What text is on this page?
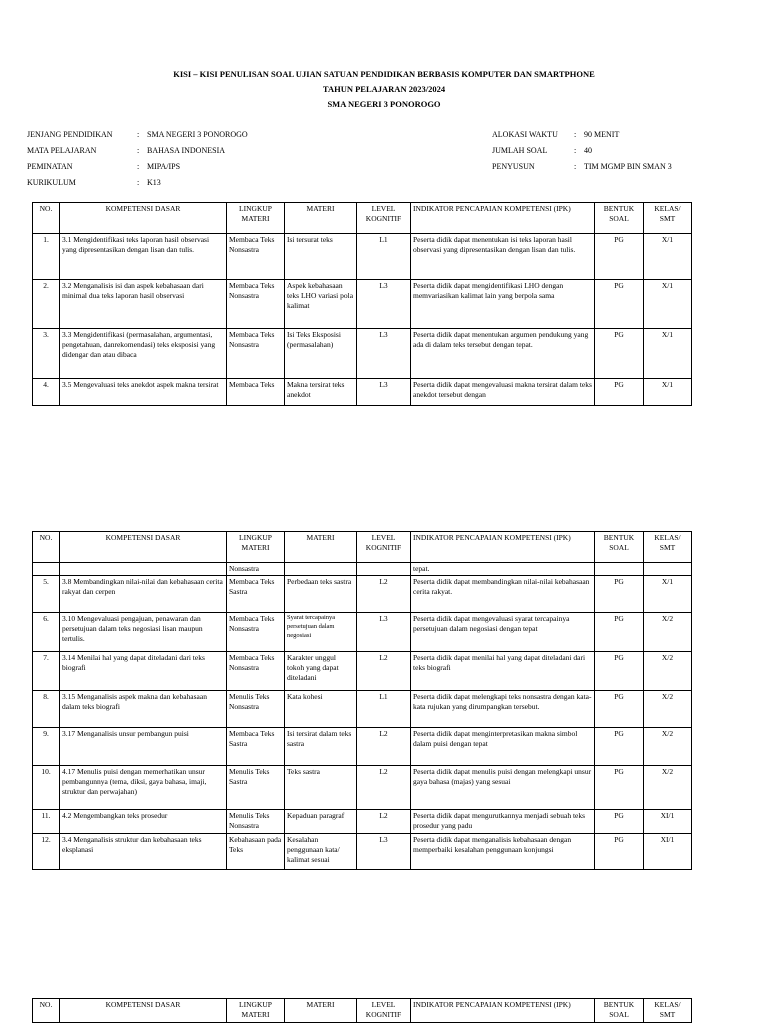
KISI – KISI PENULISAN SOAL UJIAN SATUAN PENDIDIKAN BERBASIS KOMPUTER DAN SMARTPHONE
TAHUN PELAJARAN 2023/2024
SMA NEGERI 3 PONOROGO
JENJANG PENDIDIKAN	: SMA NEGERI 3 PONOROGO
MATA PELAJARAN	: BAHASA INDONESIA
PEMINATAN	: MIPA/IPS
KURIKULUM	: K13
ALOKASI WAKTU : 90 MENIT
JUMLAH SOAL	: 40
PENYUSUN	: TIM MGMP BIN SMAN 3
NO.	KOMPETENSI DASAR	LINGKUP MATERI	MATERI	LEVEL KOGNITIF	INDIKATOR PENCAPAIAN KOMPETENSI (IPK)	BENTUK SOAL	KELAS/ SMT
1.	3.1 Mengidentifikasi teks laporan hasil observasi yang dipresentasikan dengan lisan dan tulis.	Membaca Teks Nonsastra	Isi tersurat teks	L1	Peserta didik dapat menentukan isi teks laporan hasil observasi yang dipresentasikan dengan lisan dan tulis.	PG	X/1
2.	3.2 Menganalisis isi dan aspek kebahasaan dari minimal dua teks laporan hasil observasi	Membaca Teks Nonsastra	Aspek kebahasaan teks LHO variasi pola kalimat	L3	Peserta didik dapat mengidentifikasi LHO dengan memvariasikan kalimat lain yang berpola sama	PG	X/1
3.	3.3 Mengidentifikasi (permasalahan, argumentasi, pengetahuan, danrekomendasi) teks eksposisi yang didengar dan atau dibaca	Membaca Teks Nonsastra	Isi Teks Eksposisi (permasalahan)	L3	Peserta didik dapat menentukan argumen pendukung yang ada di dalam teks tersebut dengan tepat.	PG	X/1
4.	3.5 Mengevaluasi teks anekdot aspek makna tersirat	Membaca Teks	Makna tersirat teks anekdot	L3	Peserta didik dapat mengevaluasi makna tersirat dalam teks anekdot tersebut dengan	PG	X/1
NO.	KOMPETENSI DASAR	LINGKUP MATERI	MATERI	LEVEL KOGNITIF	INDIKATOR PENCAPAIAN KOMPETENSI (IPK)	BENTUK SOAL	KELAS/ SMT
		Nonsastra			tepat.		
5.	3.8 Membandingkan nilai-nilai dan kebahasaan cerita rakyat dan cerpen	Membaca Teks Sastra	Perbedaan teks sastra	L2	Peserta didik dapat membandingkan nilai-nilai kebahasaan cerita rakyat.	PG	X/1
6.	3.10 Mengevaluasi pengajuan, penawaran dan persetujuan dalam teks negosiasi lisan maupun tertulis.	Membaca Teks Nonsastra	Syarat tercapainya persetujuan dalam negosiasi	L3	Peserta didik dapat mengevaluasi syarat tercapainya persetujuan dalam negosiasi dengan tepat	PG	X/2
7.	3.14 Menilai hal yang dapat diteladani dari teks biografi	Membaca Teks Nonsastra	Karakter unggul tokoh yang dapat diteladani	L2	Peserta didik dapat menilai hal yang dapat diteladani dari teks biografi	PG	X/2
8.	3.15 Menganalisis aspek makna dan kebahasaan dalam teks biografi	Menulis Teks Nonsastra	Kata kohesi	L1	Peserta didik dapat melengkapi teks nonsastra dengan kata-kata rujukan yang dirumpangkan tersebut.	PG	X/2
9.	3.17 Menganalisis unsur pembangun puisi	Membaca Teks Sastra	Isi tersirat dalam teks sastra	L2	Peserta didik dapat menginterpretasikan makna simbol dalam puisi dengan tepat	PG	X/2
10.	4.17 Menulis puisi dengan memerhatikan unsur pembangunnya (tema, diksi, gaya bahasa, imaji, struktur dan perwajahan)	Menulis Teks Sastra	Teks sastra	L2	Peserta didik dapat menulis puisi dengan melengkapi unsur gaya bahasa (majas) yang sesuai	PG	X/2
11.	4.2 Mengembangkan teks prosedur	Menulis Teks Nonsastra	Kepaduan paragraf	L2	Peserta didik dapat mengurutkannya menjadi sebuah teks prosedur yang padu	PG	XI/1
12.	3.4 Menganalisis struktur dan kebahasaan teks eksplanasi	Kebahasaan pada Teks	Kesalahan penggunaan kata/ kalimat sesuai	L3	Peserta didik dapat menganalisis kebahasaan dengan memperbaiki kesalahan penggunaan konjungsi	PG	XI/1
NO.	KOMPETENSI DASAR	LINGKUP MATERI	MATERI	LEVEL KOGNITIF	INDIKATOR PENCAPAIAN KOMPETENSI (IPK)	BENTUK SOAL	KELAS/ SMT
